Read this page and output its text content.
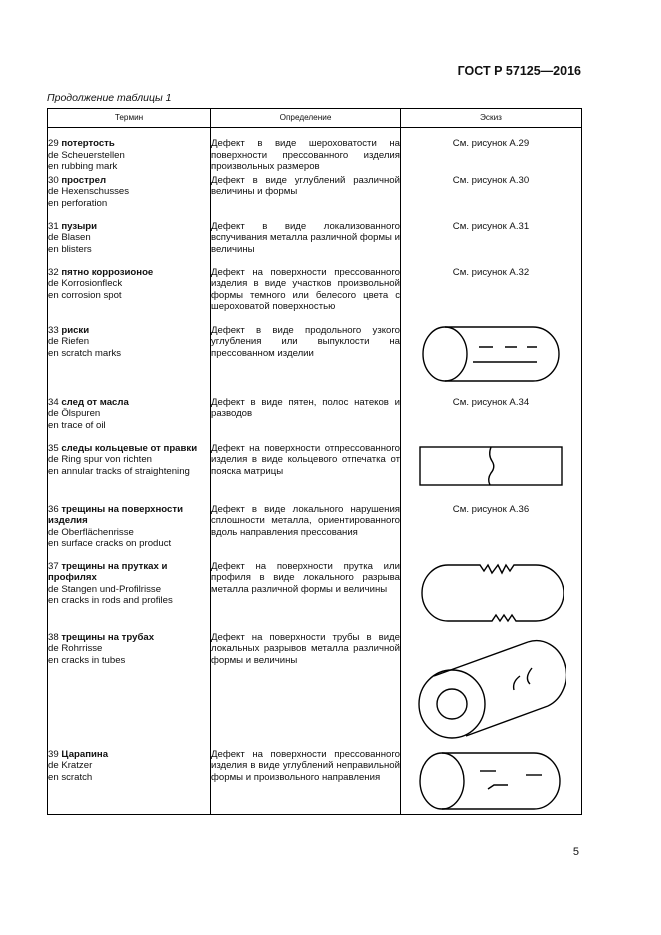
ГОСТ Р 57125—2016
Продолжение таблицы 1
Термин	Определение	Эскиз

29 потертость
de Scheuerstellen
en rubbing mark	Дефект в виде шероховатости на поверхности прессованного изделия произвольных размеров	См. рисунок А.29

30 прострел
de Hexenschusses
en perforation	Дефект в виде углублений различной величины и формы	См. рисунок А.30

31 пузыри
de Blasen
en blisters	Дефект в виде локализованного вспучивания металла различной формы и величины	См. рисунок А.31

32 пятно коррозионое
de Korrosionfleck
en corrosion spot	Дефект на поверхности прессованного изделия в виде участков произвольной формы темного или белесого цвета с шероховатой поверхностью	См. рисунок А.32

33 риски
de Riefen
en scratch marks	Дефект в виде продольного узкого углубления или выпуклости на прессованном изделии	

34 след от масла
de Ölspuren
en trace of oil	Дефект в виде пятен, полос натеков и разводов	См. рисунок А.34

35 следы кольцевые от правки
de Ring spur von richten
en annular tracks of straightening	Дефект на поверхности отпрессованного изделия в виде кольцевого отпечатка от пояска матрицы	

36 трещины на поверхности изделия
de Oberflächenrisse
en surface cracks on product	Дефект в виде локального нарушения сплошности металла, ориентированного вдоль направления прессования	См. рисунок А.36

37 трещины на прутках и профилях
de Stangen und-Profilrisse
en cracks in rods and profiles	Дефект на поверхности прутка или профиля в виде локального разрыва металла различной формы и величины	

38 трещины на трубах
de Rohrrisse
en cracks in tubes	Дефект на поверхности трубы в виде локальных разрывов металла различной формы и величины	

39 Царапина
de Kratzer
en scratch	Дефект на поверхности прессованного изделия в виде углублений неправильной формы и произвольного направления	
5
